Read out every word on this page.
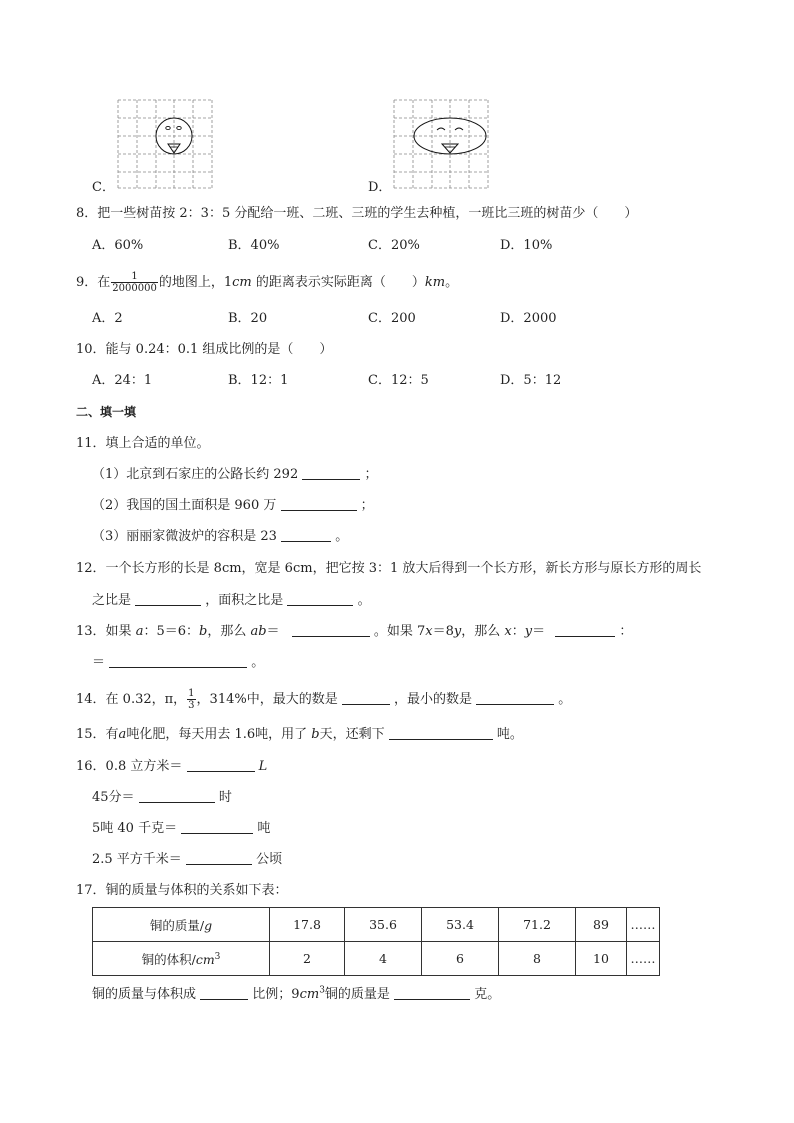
C．	D．
8．把一些树苗按 2：3：5 分配给一班、二班、三班的学生去种植，一班比三班的树苗少（　　）
A．60%	B．40%	C．20%	D．10%
9．在 $\frac{1}{2000000}$ 的地图上，1cm 的距离表示实际距离（　　）km。
A．2	B．20	C．200	D．2000
10．能与 0.24：0.1 组成比例的是（　　）
A．24：1	B．12：1	C．12：5	D．5：12
二、填一填
11．填上合适的单位。
（1）北京到石家庄的公路长约 292	；
（2）我国的国土面积是 960 万	；
（3）丽丽家微波炉的容积是 23	。
12．一个长方形的长是 8cm，宽是 6cm，把它按 3：1 放大后得到一个长方形，新长方形与原长方形的周长
之比是	，面积之比是	。
13．如果 a：5＝6：b，那么 ab＝	。如果 7x＝8y，那么 x：y＝	：
＝	。
14．在 0.32，π， $\frac{1}{3}$ ，314%中，最大的数是	，最小的数是	。
15．有a吨化肥，每天用去 1.6吨，用了 b天，还剩下	吨。
16．0.8 立方米＝	L
45分＝	时
5吨 40 千克＝	吨
2.5 平方千米＝	公顷
17．铜的质量与体积的关系如下表：
铜的质量/g	17.8	35.6	53.4	71.2	89	……
铜的体积$/cm^3$	2	4	6	8	10	……
铜的质量与体积成	比例；$9cm^3$铜的质量是	克。
